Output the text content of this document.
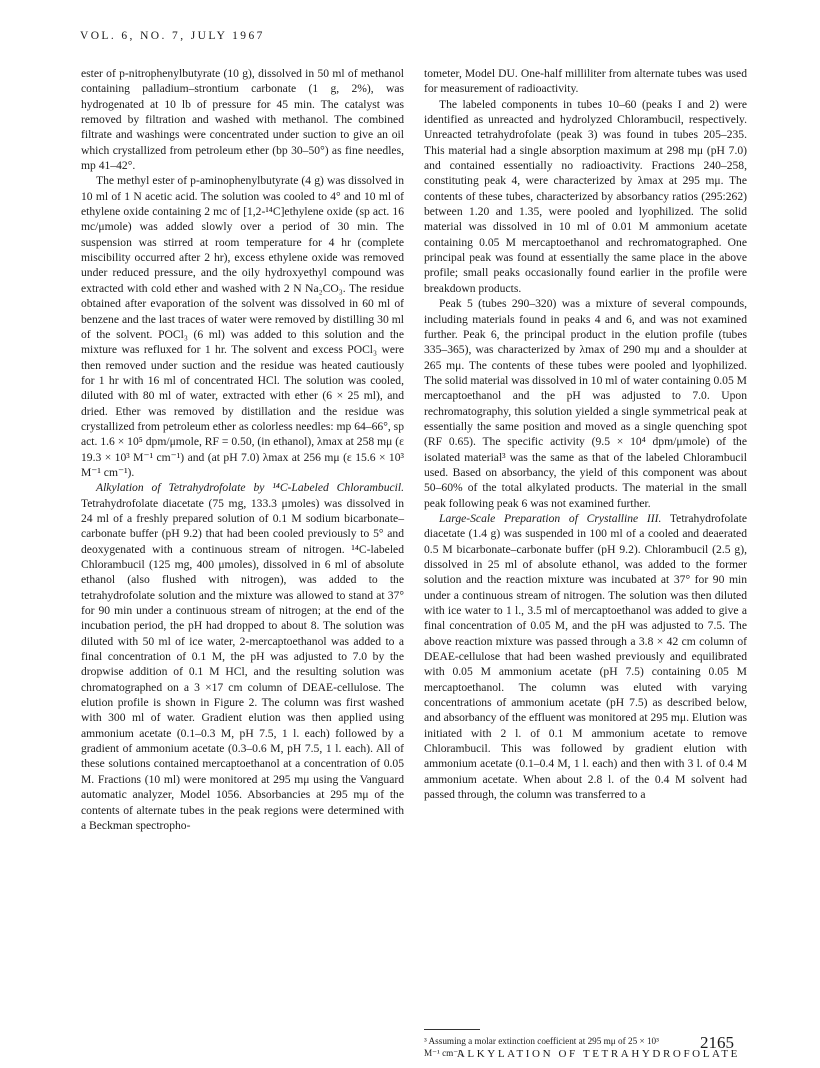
VOL. 6, NO. 7, JULY 1967

ester of p-nitrophenylbutyrate (10 g), dissolved in 50 ml of methanol containing palladium–strontium carbonate (1 g, 2%), was hydrogenated at 10 lb of pressure for 45 min. The catalyst was removed by filtration and washed with methanol. The combined filtrate and washings were concentrated under suction to give an oil which crystallized from petroleum ether (bp 30–50°) as fine needles, mp 41–42°.

The methyl ester of p-aminophenylbutyrate (4 g) was dissolved in 10 ml of 1 N acetic acid. The solution was cooled to 4° and 10 ml of ethylene oxide containing 2 mc of [1,2-¹⁴C]ethylene oxide (sp act. 16 mc/μmole) was added slowly over a period of 30 min. The suspension was stirred at room temperature for 4 hr (complete miscibility occurred after 2 hr), excess ethylene oxide was removed under reduced pressure, and the oily hydroxyethyl compound was extracted with cold ether and washed with 2 N Na₂CO₃. The residue obtained after evaporation of the solvent was dissolved in 60 ml of benzene and the last traces of water were removed by distilling 30 ml of the solvent. POCl₃ (6 ml) was added to this solution and the mixture was refluxed for 1 hr. The solvent and excess POCl₃ were then removed under suction and the residue was heated cautiously for 1 hr with 16 ml of concentrated HCl. The solution was cooled, diluted with 80 ml of water, extracted with ether (6 × 25 ml), and dried. Ether was removed by distillation and the residue was crystallized from petroleum ether as colorless needles: mp 64–66°, sp act. 1.6 × 10⁵ dpm/μmole, RF = 0.50, (in ethanol), λmax at 258 mμ (ε 19.3 × 10³ M⁻¹ cm⁻¹) and (at pH 7.0) λmax at 256 mμ (ε 15.6 × 10³ M⁻¹ cm⁻¹).

Alkylation of Tetrahydrofolate by ¹⁴C-Labeled Chlorambucil. Tetrahydrofolate diacetate (75 mg, 133.3 μmoles) was dissolved in 24 ml of a freshly prepared solution of 0.1 M sodium bicarbonate–carbonate buffer (pH 9.2) that had been cooled previously to 5° and deoxygenated with a continuous stream of nitrogen. ¹⁴C-labeled Chlorambucil (125 mg, 400 μmoles), dissolved in 6 ml of absolute ethanol (also flushed with nitrogen), was added to the tetrahydrofolate solution and the mixture was allowed to stand at 37° for 90 min under a continuous stream of nitrogen; at the end of the incubation period, the pH had dropped to about 8. The solution was diluted with 50 ml of ice water, 2-mercaptoethanol was added to a final concentration of 0.1 M, the pH was adjusted to 7.0 by the dropwise addition of 0.1 M HCl, and the resulting solution was chromatographed on a 3 ×17 cm column of DEAE-cellulose. The elution profile is shown in Figure 2. The column was first washed with 300 ml of water. Gradient elution was then applied using ammonium acetate (0.1–0.3 M, pH 7.5, 1 l. each) followed by a gradient of ammonium acetate (0.3–0.6 M, pH 7.5, 1 l. each). All of these solutions contained mercaptoethanol at a concentration of 0.05 M. Fractions (10 ml) were monitored at 295 mμ using the Vanguard automatic analyzer, Model 1056. Absorbancies at 295 mμ of the contents of alternate tubes in the peak regions were determined with a Beckman spectropho-

tometer, Model DU. One-half milliliter from alternate tubes was used for measurement of radioactivity.

The labeled components in tubes 10–60 (peaks I and 2) were identified as unreacted and hydrolyzed Chlorambucil, respectively. Unreacted tetrahydrofolate (peak 3) was found in tubes 205–235. This material had a single absorption maximum at 298 mμ (pH 7.0) and contained essentially no radioactivity. Fractions 240–258, constituting peak 4, were characterized by λmax at 295 mμ. The contents of these tubes, characterized by absorbancy ratios (295:262) between 1.20 and 1.35, were pooled and lyophilized. The solid material was dissolved in 10 ml of 0.01 M ammonium acetate containing 0.05 M mercaptoethanol and rechromatographed. One principal peak was found at essentially the same place in the above profile; small peaks occasionally found earlier in the profile were breakdown products.

Peak 5 (tubes 290–320) was a mixture of several compounds, including materials found in peaks 4 and 6, and was not examined further. Peak 6, the principal product in the elution profile (tubes 335–365), was characterized by λmax of 290 mμ and a shoulder at 265 mμ. The contents of these tubes were pooled and lyophilized. The solid material was dissolved in 10 ml of water containing 0.05 M mercaptoethanol and the pH was adjusted to 7.0. Upon rechromatography, this solution yielded a single symmetrical peak at essentially the same position and moved as a single quenching spot (RF 0.65). The specific activity (9.5 × 10⁴ dpm/μmole) of the isolated material³ was the same as that of the labeled Chlorambucil used. Based on absorbancy, the yield of this component was about 50–60% of the total alkylated products. The material in the small peak following peak 6 was not examined further.

Large-Scale Preparation of Crystalline III. Tetrahydrofolate diacetate (1.4 g) was suspended in 100 ml of a cooled and deaerated 0.5 M bicarbonate–carbonate buffer (pH 9.2). Chlorambucil (2.5 g), dissolved in 25 ml of absolute ethanol, was added to the former solution and the reaction mixture was incubated at 37° for 90 min under a continuous stream of nitrogen. The solution was then diluted with ice water to 1 l., 3.5 ml of mercaptoethanol was added to give a final concentration of 0.05 M, and the pH was adjusted to 7.5. The above reaction mixture was passed through a 3.8 × 42 cm column of DEAE-cellulose that had been washed previously and equilibrated with 0.05 M ammonium acetate (pH 7.5) containing 0.05 M mercaptoethanol. The column was eluted with varying concentrations of ammonium acetate (pH 7.5) as described below, and absorbancy of the effluent was monitored at 295 mμ. Elution was initiated with 2 l. of 0.1 M ammonium acetate to remove Chlorambucil. This was followed by gradient elution with ammonium acetate (0.1–0.4 M, 1 l. each) and then with 3 l. of 0.4 M ammonium acetate. When about 2.8 l. of the 0.4 M solvent had passed through, the column was transferred to a

³ Assuming a molar extinction coefficient at 295 mμ of 25 × 10³ M⁻¹ cm⁻¹.
2165
ALKYLATION OF TETRAHYDROFOLATE
